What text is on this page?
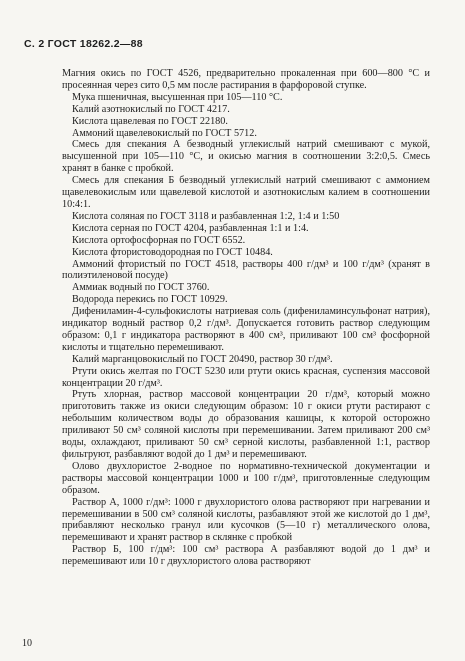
С. 2 ГОСТ 18262.2—88

Магния окись по ГОСТ 4526, предварительно прокаленная при 600—800 °С и просеянная через сито 0,5 мм после растирания в фарфоровой ступке.

Мука пшеничная, высушенная при 105—110 °С.

Калий азотнокислый по ГОСТ 4217.

Кислота щавелевая по ГОСТ 22180.

Аммоний щавелевокислый по ГОСТ 5712.

Смесь для спекания А безводный углекислый натрий смешивают с мукой, высушенной при 105—110 °С, и окисью магния в соотношении 3:2:0,5. Смесь хранят в банке с пробкой.

Смесь для спекания Б безводный углекислый натрий смешивают с аммонием щавелевокислым или щавелевой кислотой и азотнокислым калием в соотношении 10:4:1.

Кислота соляная по ГОСТ 3118 и разбавленная 1:2, 1:4 и 1:50

Кислота серная по ГОСТ 4204, разбавленная 1:1 и 1:4.

Кислота ортофосфорная по ГОСТ 6552.

Кислота фтористоводородная по ГОСТ 10484.

Аммоний фтористый по ГОСТ 4518, растворы 400 г/дм³ и 100 г/дм³ (хранят в полиэтиленовой посуде)

Аммиак водный по ГОСТ 3760.

Водорода перекись по ГОСТ 10929.

Дифениламин-4-сульфокислоты натриевая соль (дифениламинсульфонат натрия), индикатор водный раствор 0,2 г/дм³. Допускается готовить раствор следующим образом: 0,1 г индикатора растворяют в 400 см³, приливают 100 см³ фосфорной кислоты и тщательно перемешивают.

Калий марганцовокислый по ГОСТ 20490, раствор 30 г/дм³.

Ртути окись желтая по ГОСТ 5230 или ртути окись красная, суспензия массовой концентрации 20 г/дм³.

Ртуть хлорная, раствор массовой концентрации 20 г/дм³, который можно приготовить также из окиси следующим образом: 10 г окиси ртути растирают с небольшим количеством воды до образования кашицы, к которой осторожно приливают 50 см³ соляной кислоты при перемешивании. Затем приливают 200 см³ воды, охлаждают, приливают 50 см³ серной кислоты, разбавленной 1:1, раствор фильтруют, разбавляют водой до 1 дм³ и перемешивают.

Олово двухлористое 2-водное по нормативно-технической документации и растворы массовой концентрации 1000 и 100 г/дм³, приготовленные следующим образом.

Раствор А, 1000 г/дм³: 1000 г двухлористого олова растворяют при нагревании и перемешивании в 500 см³ соляной кислоты, разбавляют этой же кислотой до 1 дм³, прибавляют несколько гранул или кусочков (5—10 г) металлического олова, перемешивают и хранят раствор в склянке с пробкой

Раствор Б, 100 г/дм³: 100 см³ раствора А разбавляют водой до 1 дм³ и перемешивают или 10 г двухлористого олова растворяют

10
